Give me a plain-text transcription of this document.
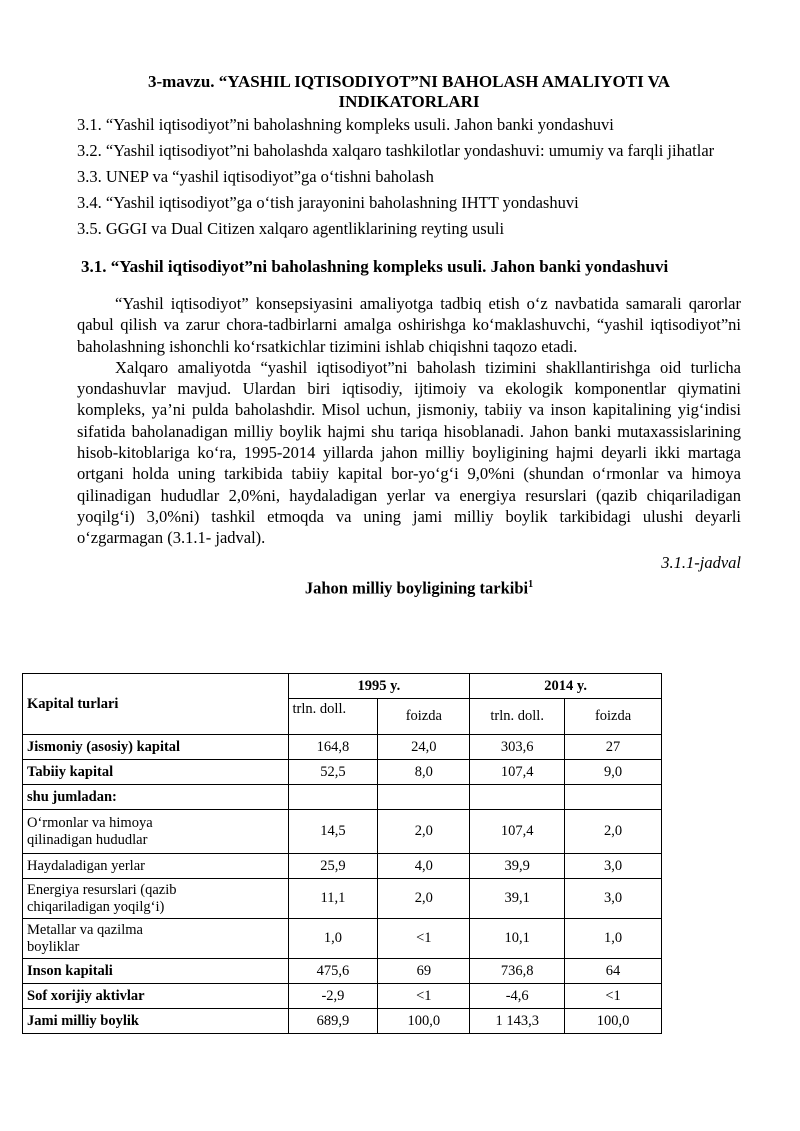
3-mavzu. “YASHIL IQTISODIYOT”NI BAHOLASH AMALIYOTI VA
INDIKATORLARI

3.1. “Yashil iqtisodiyot”ni baholashning kompleks usuli. Jahon banki yondashuvi

3.2. “Yashil iqtisodiyot”ni baholashda xalqaro tashkilotlar yondashuvi: umumiy va farqli jihatlar

3.3. UNEP va “yashil iqtisodiyot”ga o‘tishni baholash

3.4. “Yashil iqtisodiyot”ga o‘tish jarayonini baholashning IHTT yondashuvi

3.5. GGGI va Dual Citizen xalqaro agentliklarining reyting usuli

3.1. “Yashil iqtisodiyot”ni baholashning kompleks usuli. Jahon banki yondashuvi

“Yashil iqtisodiyot” konsepsiyasini amaliyotga tadbiq etish o‘z navbatida samarali qarorlar qabul qilish va zarur chora-tadbirlarni amalga oshirishga ko‘maklashuvchi, “yashil iqtisodiyot”ni baholashning ishonchli ko‘rsatkichlar tizimini ishlab chiqishni taqozo etadi.

Xalqaro amaliyotda “yashil iqtisodiyot”ni baholash tizimini shakllantirishga oid turlicha yondashuvlar mavjud. Ulardan biri iqtisodiy, ijtimoiy va ekologik komponentlar qiymatini kompleks, ya’ni pulda baholashdir. Misol uchun, jismoniy, tabiiy va inson kapitalining yig‘indisi sifatida baholanadigan milliy boylik hajmi shu tariqa hisoblanadi. Jahon banki mutaxassislarining hisob-kitoblariga ko‘ra, 1995-2014 yillarda jahon milliy boyligining hajmi deyarli ikki martaga ortgani holda uning tarkibida tabiiy kapital bor-yo‘g‘i 9,0%ni (shundan o‘rmonlar va himoya qilinadigan hududlar 2,0%ni, haydaladigan yerlar va energiya resurslari (qazib chiqariladigan yoqilg‘i) 3,0%ni) tashkil etmoqda va uning jami milliy boylik tarkibidagi ulushi deyarli o‘zgarmagan (3.1.1- jadval).

3.1.1-jadval
Jahon milliy boyligining tarkibi$^1$
Kapital turlari	1995 y.		2014 y.	
	trln. doll.	foizda	trln. doll.	foizda
Jismoniy (asosiy) kapital	164,8	24,0	303,6	27
Tabiiy kapital	52,5	8,0	107,4	9,0
shu jumladan:				

O‘rmonlar va himoya
qilinadigan hududlar	14,5	2,0	107,4	2,0
Haydaladigan yerlar	25,9	4,0	39,9	3,0

Energiya resurslari (qazib
chiqariladigan yoqilg‘i)	11,1	2,0	39,1	3,0

Metallar va qazilma
boyliklar	1,0	<1	10,1	1,0
Inson kapitali	475,6	69	736,8	64
Sof xorijiy aktivlar	-2,9	<1	-4,6	<1
Jami milliy boylik	689,9	100,0	1 143,3	100,0
